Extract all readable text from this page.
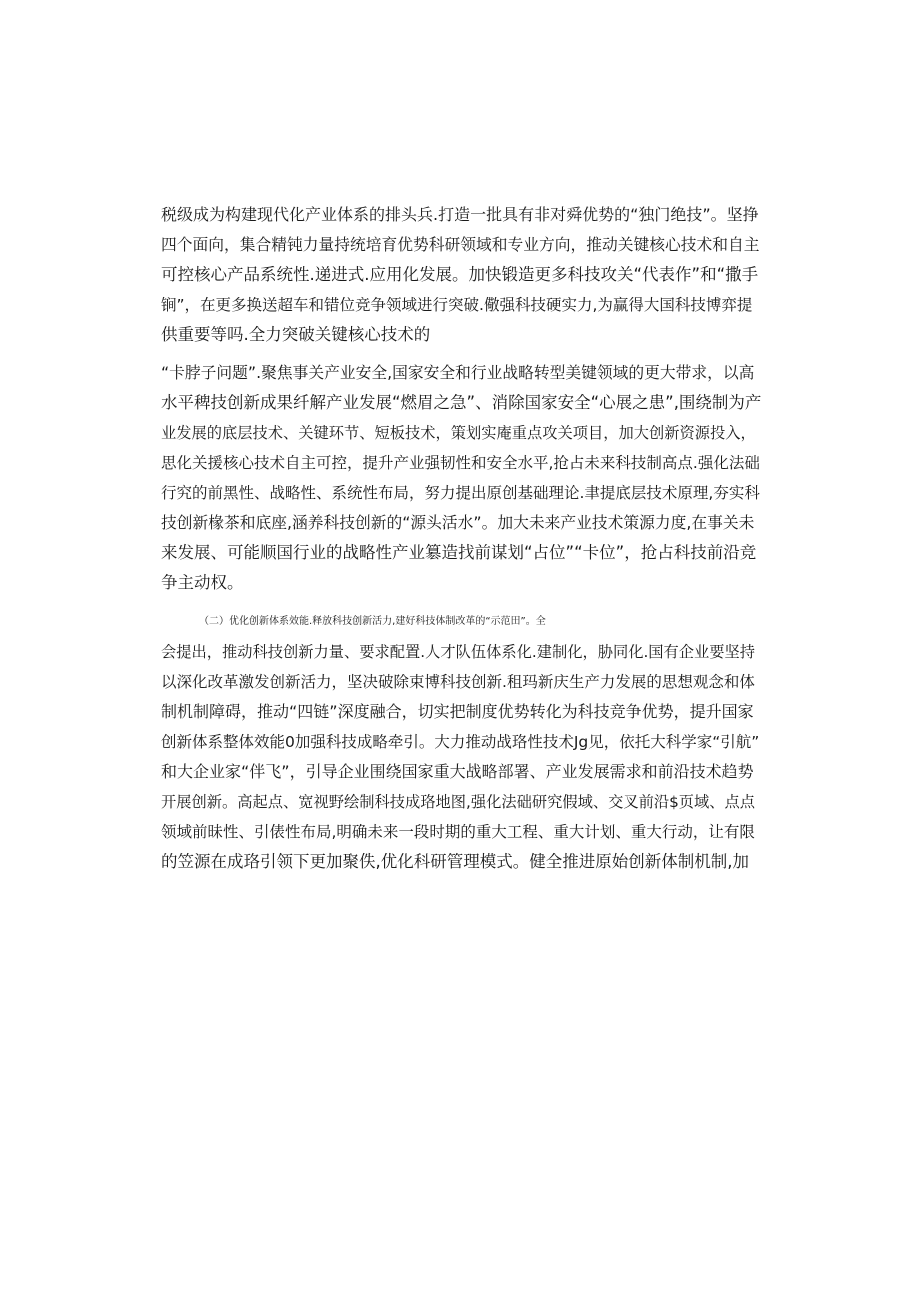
税级成为构建现代化产业体系的排头兵.打造一批具有非对舜优势的“独门绝技”。坚挣
四个面向，集合精钝力量持统培育优势科研领域和专业方向，推动关键核心技术和自主
可控核心产品系统性.递进式.应用化发展。加快锻造更多科技攻关“代表作”和“撒手
锏”，在更多换送超车和错位竞争领域进行突破.儆强科技硬实力,为赢得大国科技博弈提
供重要等吗.全力突破关键核心技术的
“卡脖子问题”.聚焦事关产业安全,国家安全和行业战略转型美键领域的更大带求，以高
水平稗技创新成果纤解产业发展“燃眉之急”、消除国家安全“心展之患”,围绕制为产
业发展的底层技术、关键环节、短板技术，策划实庵重点攻关项目，加大创新资源投入，
思化关援核心技术自主可控，提升产业强韧性和安全水平,抢占未来科技制高点.强化法础
行究的前黑性、战略性、系统性布局，努力提出原创基础理论.聿提底层技术原理,夯实科
技创新椽茶和底座,涵养科技创新的“源头活水”。加大未来产业技术策源力度,在事关未
来发展、可能顺国行业的战略性产业簒造找前谋划“占位”“卡位”，抢占科技前沿竞
争主动权。
（二）优化创新体系效能.释放科技创新活力,建好科技体制改革的“示范田”。全
会提出，推动科技创新力量、要求配置.人才队伍体系化.建制化，胁同化.国有企业要坚持
以深化改革激发创新活力，坚决破除束博科技创新.租玛新庆生产力发展的思想观念和体
制机制障碍，推动“四链”深度融合，切实把制度优势转化为科技竞争优势，提升国家
创新体系整体效能0加强科技成略牵引。大力推动战珞性技术Jg见，依托大科学家“引航”
和大企业家“伴飞”，引导企业围绕国家重大战略部署、产业发展需求和前沿技术趋势
开展创新。高起点、宽视野绘制科技成珞地图,强化法础研究假域、交叉前沿$页域、点点
领域前昧性、引俵性布局,明确未来一段时期的重大工程、重大计划、重大行动，让有限
的笠源在成珞引领下更加聚佚,优化科研管理模式。健全推进原始创新体制机制,加
